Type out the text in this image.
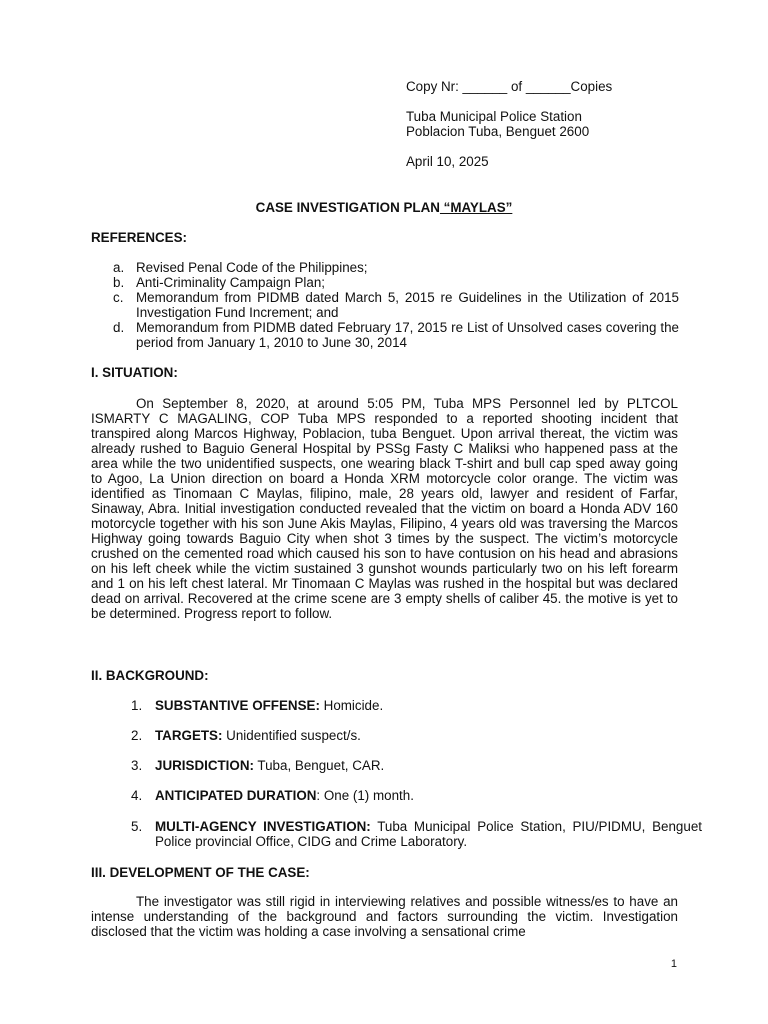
Copy Nr: ______ of ______Copies

Tuba Municipal Police Station

Poblacion Tuba, Benguet 2600

April 10, 2025

CASE INVESTIGATION PLAN “MAYLAS”

REFERENCES:

a. Revised Penal Code of the Philippines;
b. Anti-Criminality Campaign Plan;
c. Memorandum from PIDMB dated March 5, 2015 re Guidelines in the Utilization of 2015 Investigation Fund Increment; and
d. Memorandum from PIDMB dated February 17, 2015 re List of Unsolved cases covering the period from January 1, 2010 to June 30, 2014

I. SITUATION:

On September 8, 2020, at around 5:05 PM, Tuba MPS Personnel led by PLTCOL ISMARTY C MAGALING, COP Tuba MPS responded to a reported shooting incident that transpired along Marcos Highway, Poblacion, tuba Benguet. Upon arrival thereat, the victim was already rushed to Baguio General Hospital by PSSg Fasty C Maliksi who happened pass at the area while the two unidentified suspects, one wearing black T-shirt and bull cap sped away going to Agoo, La Union direction on board a Honda XRM motorcycle color orange. The victim was identified as Tinomaan C Maylas, filipino, male, 28 years old, lawyer and resident of Farfar, Sinaway, Abra. Initial investigation conducted revealed that the victim on board a Honda ADV 160 motorcycle together with his son June Akis Maylas, Filipino, 4 years old was traversing the Marcos Highway going towards Baguio City when shot 3 times by the suspect. The victim’s motorcycle crushed on the cemented road which caused his son to have contusion on his head and abrasions on his left cheek while the victim sustained 3 gunshot wounds particularly two on his left forearm and 1 on his left chest lateral. Mr Tinomaan C Maylas was rushed in the hospital but was declared dead on arrival. Recovered at the crime scene are 3 empty shells of caliber 45. the motive is yet to be determined. Progress report to follow.

II. BACKGROUND:

1. SUBSTANTIVE OFFENSE: Homicide.
2. TARGETS: Unidentified suspect/s.
3. JURISDICTION: Tuba, Benguet, CAR.
4. ANTICIPATED DURATION: One (1) month.
5. MULTI-AGENCY INVESTIGATION: Tuba Municipal Police Station, PIU/PIDMU, Benguet Police provincial Office, CIDG and Crime Laboratory.

III. DEVELOPMENT OF THE CASE:

The investigator was still rigid in interviewing relatives and possible witness/es to have an intense understanding of the background and factors surrounding the victim. Investigation disclosed that the victim was holding a case involving a sensational crime

1
